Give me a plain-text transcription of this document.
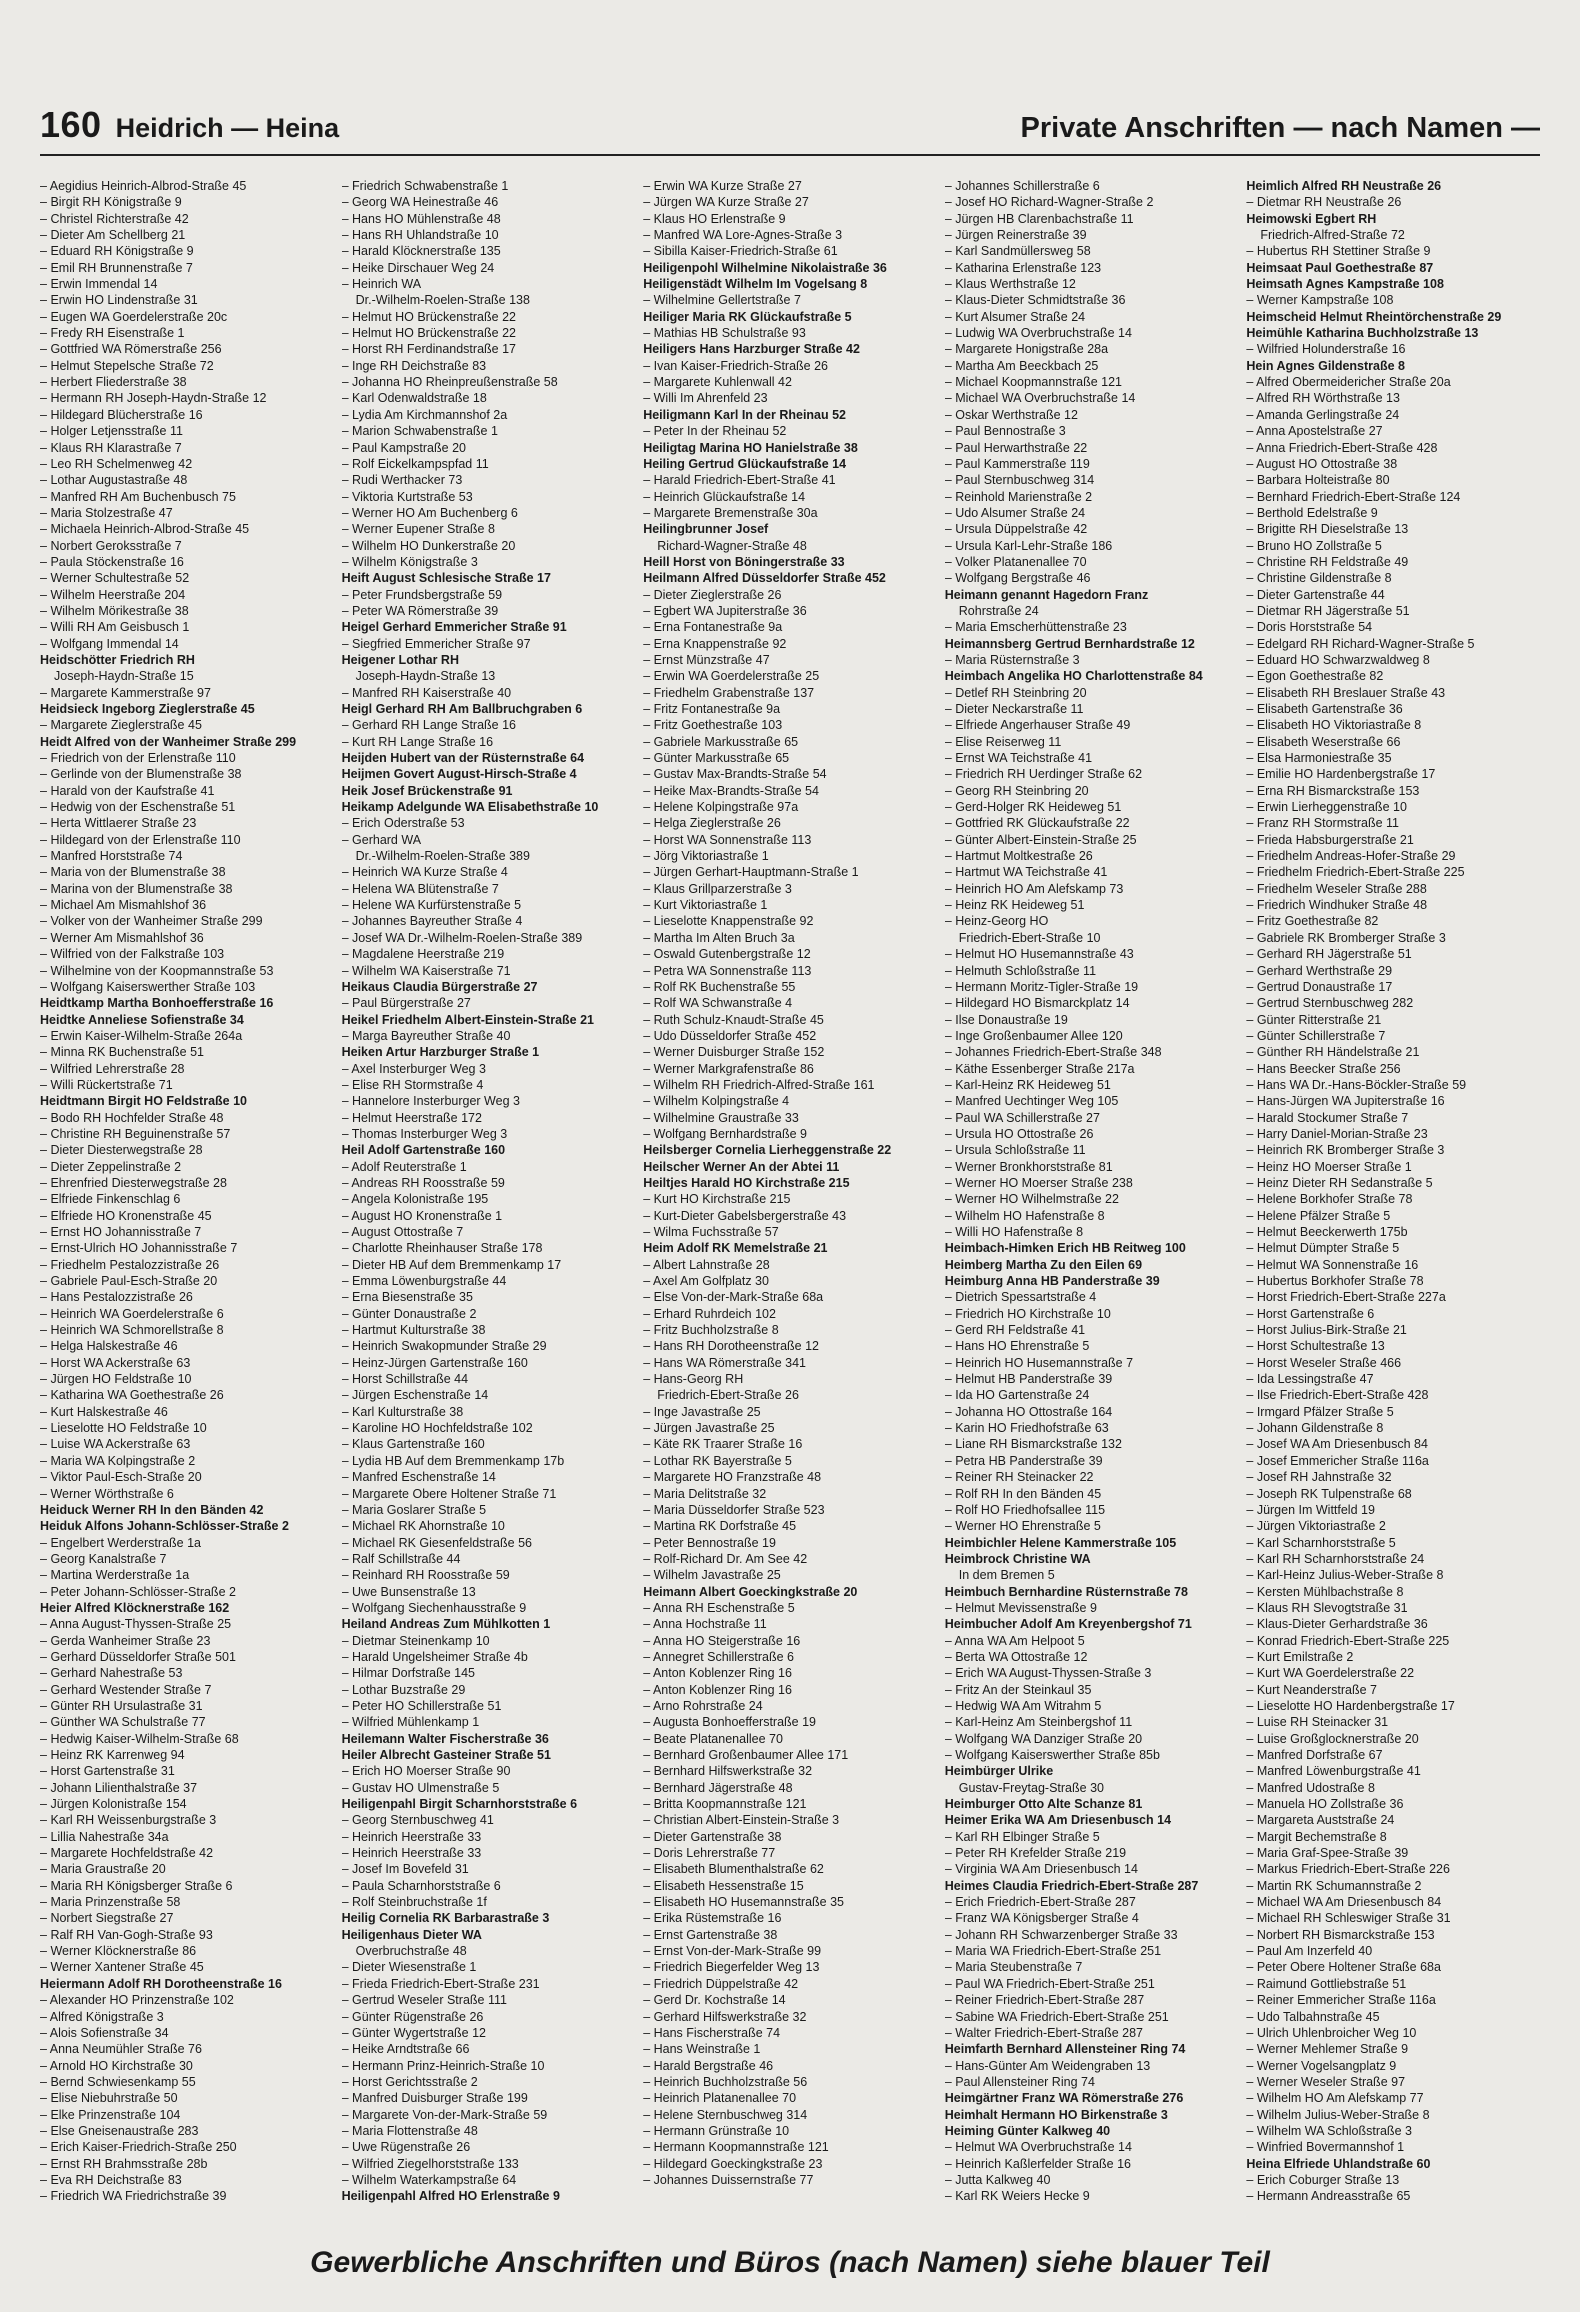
160 Heidrich — Heina	Private Anschriften — nach Namen —
– Aegidius Heinrich-Albrod-Straße 45
– Birgit RH Königstraße 9
– Christel Richterstraße 42
– Dieter Am Schellberg 21
– Eduard RH Königstraße 9
– Emil RH Brunnenstraße 7
– Erwin Immendal 14
– Erwin HO Lindenstraße 31
– Eugen WA Goerdelerstraße 20c
– Fredy RH Eisenstraße 1
– Gottfried WA Römerstraße 256
– Helmut Stepelsche Straße 72
– Herbert Fliederstraße 38
– Hermann RH Joseph-Haydn-Straße 12
– Hildegard Blücherstraße 16
– Holger Letjensstraße 11
– Klaus RH Klarastraße 7
– Leo RH Schelmenweg 42
– Lothar Augustastraße 48
– Manfred RH Am Buchenbusch 75
– Maria Stolzestraße 47
– Michaela Heinrich-Albrod-Straße 45
– Norbert Geroksstraße 7
– Paula Stöckenstraße 16
– Werner Schultestraße 52
– Wilhelm Heerstraße 204
– Wilhelm Mörikestraße 38
– Willi RH Am Geisbusch 1
– Wolfgang Immendal 14
Heidschötter Friedrich RH
Joseph-Haydn-Straße 15
– Margarete Kammerstraße 97
Heidsieck Ingeborg Zieglerstraße 45
– Margarete Zieglerstraße 45
Heidt Alfred von der Wanheimer Straße 299
– Friedrich von der Erlenstraße 110
– Gerlinde von der Blumenstraße 38
– Harald von der Kaufstraße 41
– Hedwig von der Eschenstraße 51
– Herta Wittlaerer Straße 23
– Hildegard von der Erlenstraße 110
– Manfred Horststraße 74
– Maria von der Blumenstraße 38
– Marina von der Blumenstraße 38
– Michael Am Mismahlshof 36
– Volker von der Wanheimer Straße 299
– Werner Am Mismahlshof 36
– Wilfried von der Falkstraße 103
– Wilhelmine von der Koopmannstraße 53
– Wolfgang Kaiserswerther Straße 103
Heidtkamp Martha Bonhoefferstraße 16
Heidtke Anneliese Sofienstraße 34
– Erwin Kaiser-Wilhelm-Straße 264a
– Minna RK Buchenstraße 51
– Wilfried Lehrerstraße 28
– Willi Rückertstraße 71
Heidtmann Birgit HO Feldstraße 10
– Bodo RH Hochfelder Straße 48
– Christine RH Beguinenstraße 57
– Dieter Diesterwegstraße 28
– Dieter Zeppelinstraße 2
– Ehrenfried Diesterwegstraße 28
– Elfriede Finkenschlag 6
– Elfriede HO Kronenstraße 45
– Ernst HO Johannisstraße 7
– Ernst-Ulrich HO Johannisstraße 7
– Friedhelm Pestalozzistraße 26
– Gabriele Paul-Esch-Straße 20
– Hans Pestalozzistraße 26
– Heinrich WA Goerdelerstraße 6
– Heinrich WA Schmorellstraße 8
– Helga Halskestraße 46
– Horst WA Ackerstraße 63
– Jürgen HO Feldstraße 10
– Katharina WA Goethestraße 26
– Kurt Halskestraße 46
– Lieselotte HO Feldstraße 10
– Luise WA Ackerstraße 63
– Maria WA Kolpingstraße 2
– Viktor Paul-Esch-Straße 20
– Werner Wörthstraße 6
Heiduck Werner RH In den Bänden 42
Heiduk Alfons Johann-Schlösser-Straße 2
– Engelbert Werderstraße 1a
– Georg Kanalstraße 7
– Martina Werderstraße 1a
– Peter Johann-Schlösser-Straße 2
Heier Alfred Klöcknerstraße 162
– Anna August-Thyssen-Straße 25
– Gerda Wanheimer Straße 23
– Gerhard Düsseldorfer Straße 501
– Gerhard Nahestraße 53
– Gerhard Westender Straße 7
– Günter RH Ursulastraße 31
– Günther WA Schulstraße 77
– Hedwig Kaiser-Wilhelm-Straße 68
– Heinz RK Karrenweg 94
– Horst Gartenstraße 31
– Johann Lilienthalstraße 37
– Jürgen Kolonistraße 154
– Karl RH Weissenburgstraße 3
– Lillia Nahestraße 34a
– Margarete Hochfeldstraße 42
– Maria Graustraße 20
– Maria RH Königsberger Straße 6
– Maria Prinzenstraße 58
– Norbert Siegstraße 27
– Ralf RH Van-Gogh-Straße 93
– Werner Klöcknerstraße 86
– Werner Xantener Straße 45
Heiermann Adolf RH Dorotheenstraße 16
– Alexander HO Prinzenstraße 102
– Alfred Königstraße 3
– Alois Sofienstraße 34
– Anna Neumühler Straße 76
– Arnold HO Kirchstraße 30
– Bernd Schwiesenkamp 55
– Elise Niebuhrstraße 50
– Elke Prinzenstraße 104
– Else Gneisenaustraße 283
– Erich Kaiser-Friedrich-Straße 250
– Ernst RH Brahmsstraße 28b
– Eva RH Deichstraße 83
– Friedrich WA Friedrichstraße 39
– Friedrich Schwabenstraße 1
– Georg WA Heinestraße 46
– Hans HO Mühlenstraße 48
– Hans RH Uhlandstraße 10
– Harald Klöcknerstraße 135
– Heike Dirschauer Weg 24
– Heinrich WA
Dr.-Wilhelm-Roelen-Straße 138
– Helmut HO Brückenstraße 22
– Helmut HO Brückenstraße 22
– Horst RH Ferdinandstraße 17
– Inge RH Deichstraße 83
– Johanna HO Rheinpreußenstraße 58
– Karl Odenwaldstraße 18
– Lydia Am Kirchmannshof 2a
– Marion Schwabenstraße 1
– Paul Kampstraße 20
– Rolf Eickelkampspfad 11
– Rudi Werthacker 73
– Viktoria Kurtstraße 53
– Werner HO Am Buchenberg 6
– Werner Eupener Straße 8
– Wilhelm HO Dunkerstraße 20
– Wilhelm Königstraße 3
Heift August Schlesische Straße 17
– Peter Frundsbergstraße 59
– Peter WA Römerstraße 39
Heigel Gerhard Emmericher Straße 91
– Siegfried Emmericher Straße 97
Heigener Lothar RH
Joseph-Haydn-Straße 13
– Manfred RH Kaiserstraße 40
Heigl Gerhard RH Am Ballbruchgraben 6
– Gerhard RH Lange Straße 16
– Kurt RH Lange Straße 16
Heijden Hubert van der Rüsternstraße 64
Heijmen Govert August-Hirsch-Straße 4
Heik Josef Brückenstraße 91
Heikamp Adelgunde WA Elisabethstraße 10
– Erich Oderstraße 53
– Gerhard WA
Dr.-Wilhelm-Roelen-Straße 389
– Heinrich WA Kurze Straße 4
– Helena WA Blütenstraße 7
– Helene WA Kurfürstenstraße 5
– Johannes Bayreuther Straße 4
– Josef WA Dr.-Wilhelm-Roelen-Straße 389
– Magdalene Heerstraße 219
– Wilhelm WA Kaiserstraße 71
Heikaus Claudia Bürgerstraße 27
– Paul Bürgerstraße 27
Heikel Friedhelm Albert-Einstein-Straße 21
– Marga Bayreuther Straße 40
Heiken Artur Harzburger Straße 1
– Axel Insterburger Weg 3
– Elise RH Stormstraße 4
– Hannelore Insterburger Weg 3
– Helmut Heerstraße 172
– Thomas Insterburger Weg 3
Heil Adolf Gartenstraße 160
– Adolf Reuterstraße 1
– Andreas RH Roosstraße 59
– Angela Kolonistraße 195
– August HO Kronenstraße 1
– August Ottostraße 7
– Charlotte Rheinhauser Straße 178
– Dieter HB Auf dem Bremmenkamp 17
– Emma Löwenburgstraße 44
– Erna Biesenstraße 35
– Günter Donaustraße 2
– Hartmut Kulturstraße 38
– Heinrich Swakopmunder Straße 29
– Heinz-Jürgen Gartenstraße 160
– Horst Schillstraße 44
– Jürgen Eschenstraße 14
– Karl Kulturstraße 38
– Karoline HO Hochfeldstraße 102
– Klaus Gartenstraße 160
– Lydia HB Auf dem Bremmenkamp 17b
– Manfred Eschenstraße 14
– Margarete Obere Holtener Straße 71
– Maria Goslarer Straße 5
– Michael RK Ahornstraße 10
– Michael RK Giesenfeldstraße 56
– Ralf Schillstraße 44
– Reinhard RH Roosstraße 59
– Uwe Bunsenstraße 13
– Wolfgang Siechenhausstraße 9
Heiland Andreas Zum Mühlkotten 1
– Dietmar Steinenkamp 10
– Harald Ungelsheimer Straße 4b
– Hilmar Dorfstraße 145
– Lothar Buzstraße 29
– Peter HO Schillerstraße 51
– Wilfried Mühlenkamp 1
Heilemann Walter Fischerstraße 36
Heiler Albrecht Gasteiner Straße 51
– Erich HO Moerser Straße 90
– Gustav HO Ulmenstraße 5
Heiligenpahl Birgit Scharnhorststraße 6
– Georg Sternbuschweg 41
– Heinrich Heerstraße 33
– Heinrich Heerstraße 33
– Josef Im Bovefeld 31
– Paula Scharnhorststraße 6
– Rolf Steinbruchstraße 1f
Heilig Cornelia RK Barbarastraße 3
Heiligenhaus Dieter WA
Overbruchstraße 48
– Dieter Wiesenstraße 1
– Frieda Friedrich-Ebert-Straße 231
– Gertrud Weseler Straße 111
– Günter Rügenstraße 26
– Günter Wygertstraße 12
– Heike Arndtstraße 66
– Hermann Prinz-Heinrich-Straße 10
– Horst Gerichtsstraße 2
– Manfred Duisburger Straße 199
– Margarete Von-der-Mark-Straße 59
– Maria Flottenstraße 48
– Uwe Rügenstraße 26
– Wilfried Ziegelhorststraße 133
– Wilhelm Waterkampstraße 64
Heiligenpahl Alfred HO Erlenstraße 9
– Erwin WA Kurze Straße 27
– Jürgen WA Kurze Straße 27
– Klaus HO Erlenstraße 9
– Manfred WA Lore-Agnes-Straße 3
– Sibilla Kaiser-Friedrich-Straße 61
Heiligenpohl Wilhelmine Nikolaistraße 36
Heiligenstädt Wilhelm Im Vogelsang 8
– Wilhelmine Gellertstraße 7
Heiliger Maria RK Glückaufstraße 5
– Mathias HB Schulstraße 93
Heiligers Hans Harzburger Straße 42
– Ivan Kaiser-Friedrich-Straße 26
– Margarete Kuhlenwall 42
– Willi Im Ahrenfeld 23
Heiligmann Karl In der Rheinau 52
– Peter In der Rheinau 52
Heiligtag Marina HO Hanielstraße 38
Heiling Gertrud Glückaufstraße 14
– Harald Friedrich-Ebert-Straße 41
– Heinrich Glückaufstraße 14
– Margarete Bremenstraße 30a
Heilingbrunner Josef
Richard-Wagner-Straße 48
Heill Horst von Böningerstraße 33
Heilmann Alfred Düsseldorfer Straße 452
– Dieter Zieglerstraße 26
– Egbert WA Jupiterstraße 36
– Erna Fontanestraße 9a
– Erna Knappenstraße 92
– Ernst Münzstraße 47
– Erwin WA Goerdelerstraße 25
– Friedhelm Grabenstraße 137
– Fritz Fontanestraße 9a
– Fritz Goethestraße 103
– Gabriele Markusstraße 65
– Günter Markusstraße 65
– Gustav Max-Brandts-Straße 54
– Heike Max-Brandts-Straße 54
– Helene Kolpingstraße 97a
– Helga Zieglerstraße 26
– Horst WA Sonnenstraße 113
– Jörg Viktoriastraße 1
– Jürgen Gerhart-Hauptmann-Straße 1
– Klaus Grillparzerstraße 3
– Kurt Viktoriastraße 1
– Lieselotte Knappenstraße 92
– Martha Im Alten Bruch 3a
– Oswald Gutenbergstraße 12
– Petra WA Sonnenstraße 113
– Rolf RK Buchenstraße 55
– Rolf WA Schwanstraße 4
– Ruth Schulz-Knaudt-Straße 45
– Udo Düsseldorfer Straße 452
– Werner Duisburger Straße 152
– Werner Markgrafenstraße 86
– Wilhelm RH Friedrich-Alfred-Straße 161
– Wilhelm Kolpingstraße 4
– Wilhelmine Graustraße 33
– Wolfgang Bernhardstraße 9
Heilsberger Cornelia Lierheggenstraße 22
Heilscher Werner An der Abtei 11
Heiltjes Harald HO Kirchstraße 215
– Kurt HO Kirchstraße 215
– Kurt-Dieter Gabelsbergerstraße 43
– Wilma Fuchsstraße 57
Heim Adolf RK Memelstraße 21
– Albert Lahnstraße 28
– Axel Am Golfplatz 30
– Else Von-der-Mark-Straße 68a
– Erhard Ruhrdeich 102
– Fritz Buchholzstraße 8
– Hans RH Dorotheenstraße 12
– Hans WA Römerstraße 341
– Hans-Georg RH
Friedrich-Ebert-Straße 26
– Inge Javastraße 25
– Jürgen Javastraße 25
– Käte RK Traarer Straße 16
– Lothar RK Bayerstraße 5
– Margarete HO Franzstraße 48
– Maria Delitstraße 32
– Maria Düsseldorfer Straße 523
– Martina RK Dorfstraße 45
– Peter Bennostraße 19
– Rolf-Richard Dr. Am See 42
– Wilhelm Javastraße 25
Heimann Albert Goeckingkstraße 20
– Anna RH Eschenstraße 5
– Anna Hochstraße 11
– Anna HO Steigerstraße 16
– Annegret Schillerstraße 6
– Anton Koblenzer Ring 16
– Anton Koblenzer Ring 16
– Arno Rohrstraße 24
– Augusta Bonhoefferstraße 19
– Beate Platanenallee 70
– Bernhard Großenbaumer Allee 171
– Bernhard Hilfswerkstraße 32
– Bernhard Jägerstraße 48
– Britta Koopmannstraße 121
– Christian Albert-Einstein-Straße 3
– Dieter Gartenstraße 38
– Doris Lehrerstraße 77
– Elisabeth Blumenthalstraße 62
– Elisabeth Hessenstraße 15
– Elisabeth HO Husemannstraße 35
– Erika Rüstemstraße 16
– Ernst Gartenstraße 38
– Ernst Von-der-Mark-Straße 99
– Friedrich Biegerfelder Weg 13
– Friedrich Düppelstraße 42
– Gerd Dr. Kochstraße 14
– Gerhard Hilfswerkstraße 32
– Hans Fischerstraße 74
– Hans Weinstraße 1
– Harald Bergstraße 46
– Heinrich Buchholzstraße 56
– Heinrich Platanenallee 70
– Helene Sternbuschweg 314
– Hermann Grünstraße 10
– Hermann Koopmannstraße 121
– Hildegard Goeckingkstraße 23
– Johannes Duissernstraße 77
– Johannes Schillerstraße 6
– Josef HO Richard-Wagner-Straße 2
– Jürgen HB Clarenbachstraße 11
– Jürgen Reinerstraße 39
– Karl Sandmüllersweg 58
– Katharina Erlenstraße 123
– Klaus Werthstraße 12
– Klaus-Dieter Schmidtstraße 36
– Kurt Alsumer Straße 24
– Ludwig WA Overbruchstraße 14
– Margarete Honigstraße 28a
– Martha Am Beeckbach 25
– Michael Koopmannstraße 121
– Michael WA Overbruchstraße 14
– Oskar Werthstraße 12
– Paul Bennostraße 3
– Paul Herwarthstraße 22
– Paul Kammerstraße 119
– Paul Sternbuschweg 314
– Reinhold Marienstraße 2
– Udo Alsumer Straße 24
– Ursula Düppelstraße 42
– Ursula Karl-Lehr-Straße 186
– Volker Platanenallee 70
– Wolfgang Bergstraße 46
Heimann genannt Hagedorn Franz
Rohrstraße 24
– Maria Emscherhüttenstraße 23
Heimannsberg Gertrud Bernhardstraße 12
– Maria Rüsternstraße 3
Heimbach Angelika HO Charlottenstraße 84
– Detlef RH Steinbring 20
– Dieter Neckarstraße 11
– Elfriede Angerhauser Straße 49
– Elise Reiserweg 11
– Ernst WA Teichstraße 41
– Friedrich RH Uerdinger Straße 62
– Georg RH Steinbring 20
– Gerd-Holger RK Heideweg 51
– Gottfried RK Glückaufstraße 22
– Günter Albert-Einstein-Straße 25
– Hartmut Moltkestraße 26
– Hartmut WA Teichstraße 41
– Heinrich HO Am Alefskamp 73
– Heinz RK Heideweg 51
– Heinz-Georg HO
Friedrich-Ebert-Straße 10
– Helmut HO Husemannstraße 43
– Helmuth Schloßstraße 11
– Hermann Moritz-Tigler-Straße 19
– Hildegard HO Bismarckplatz 14
– Ilse Donaustraße 19
– Inge Großenbaumer Allee 120
– Johannes Friedrich-Ebert-Straße 348
– Käthe Essenberger Straße 217a
– Karl-Heinz RK Heideweg 51
– Manfred Uechtinger Weg 105
– Paul WA Schillerstraße 27
– Ursula HO Ottostraße 26
– Ursula Schloßstraße 11
– Werner Bronkhorststraße 81
– Werner HO Moerser Straße 238
– Werner HO Wilhelmstraße 22
– Wilhelm HO Hafenstraße 8
– Willi HO Hafenstraße 8
Heimbach-Himken Erich HB Reitweg 100
Heimberg Martha Zu den Eilen 69
Heimburg Anna HB Panderstraße 39
– Dietrich Spessartstraße 4
– Friedrich HO Kirchstraße 10
– Gerd RH Feldstraße 41
– Hans HO Ehrenstraße 5
– Heinrich HO Husemannstraße 7
– Helmut HB Panderstraße 39
– Ida HO Gartenstraße 24
– Johanna HO Ottostraße 164
– Karin HO Friedhofstraße 63
– Liane RH Bismarckstraße 132
– Petra HB Panderstraße 39
– Reiner RH Steinacker 22
– Rolf RH In den Bänden 45
– Rolf HO Friedhofsallee 115
– Werner HO Ehrenstraße 5
Heimbichler Helene Kammerstraße 105
Heimbrock Christine WA
In dem Bremen 5
Heimbuch Bernhardine Rüsternstraße 78
– Helmut Mevissenstraße 9
Heimbucher Adolf Am Kreyenbergshof 71
– Anna WA Am Helpoot 5
– Berta WA Ottostraße 12
– Erich WA August-Thyssen-Straße 3
– Fritz An der Steinkaul 35
– Hedwig WA Am Witrahm 5
– Karl-Heinz Am Steinbergshof 11
– Wolfgang WA Danziger Straße 20
– Wolfgang Kaiserswerther Straße 85b
Heimbürger Ulrike
Gustav-Freytag-Straße 30
Heimburger Otto Alte Schanze 81
Heimer Erika WA Am Driesenbusch 14
– Karl RH Elbinger Straße 5
– Peter RH Krefelder Straße 219
– Virginia WA Am Driesenbusch 14
Heimes Claudia Friedrich-Ebert-Straße 287
– Erich Friedrich-Ebert-Straße 287
– Franz WA Königsberger Straße 4
– Johann RH Schwarzenberger Straße 33
– Maria WA Friedrich-Ebert-Straße 251
– Maria Steubenstraße 7
– Paul WA Friedrich-Ebert-Straße 251
– Reiner Friedrich-Ebert-Straße 287
– Sabine WA Friedrich-Ebert-Straße 251
– Walter Friedrich-Ebert-Straße 287
Heimfarth Bernhard Allensteiner Ring 74
– Hans-Günter Am Weidengraben 13
– Paul Allensteiner Ring 74
Heimgärtner Franz WA Römerstraße 276
Heimhalt Hermann HO Birkenstraße 3
Heiming Günter Kalkweg 40
– Helmut WA Overbruchstraße 14
– Heinrich Kaßlerfelder Straße 16
– Jutta Kalkweg 40
– Karl RK Weiers Hecke 9
Heimlich Alfred RH Neustraße 26
– Dietmar RH Neustraße 26
Heimowski Egbert RH
Friedrich-Alfred-Straße 72
– Hubertus RH Stettiner Straße 9
Heimsaat Paul Goethestraße 87
Heimsath Agnes Kampstraße 108
– Werner Kampstraße 108
Heimscheid Helmut Rheintörchenstraße 29
Heimühle Katharina Buchholzstraße 13
– Wilfried Holunderstraße 16
Hein Agnes Gildenstraße 8
– Alfred Obermeidericher Straße 20a
– Alfred RH Wörthstraße 13
– Amanda Gerlingstraße 24
– Anna Apostelstraße 27
– Anna Friedrich-Ebert-Straße 428
– August HO Ottostraße 38
– Barbara Holteistraße 80
– Bernhard Friedrich-Ebert-Straße 124
– Berthold Edelstraße 9
– Brigitte RH Dieselstraße 13
– Bruno HO Zollstraße 5
– Christine RH Feldstraße 49
– Christine Gildenstraße 8
– Dieter Gartenstraße 44
– Dietmar RH Jägerstraße 51
– Doris Horststraße 54
– Edelgard RH Richard-Wagner-Straße 5
– Eduard HO Schwarzwaldweg 8
– Egon Goethestraße 82
– Elisabeth RH Breslauer Straße 43
– Elisabeth Gartenstraße 36
– Elisabeth HO Viktoriastraße 8
– Elisabeth Weserstraße 66
– Elsa Harmoniestraße 35
– Emilie HO Hardenbergstraße 17
– Erna RH Bismarckstraße 153
– Erwin Lierheggenstraße 10
– Franz RH Stormstraße 11
– Frieda Habsburgerstraße 21
– Friedhelm Andreas-Hofer-Straße 29
– Friedhelm Friedrich-Ebert-Straße 225
– Friedhelm Weseler Straße 288
– Friedrich Windhuker Straße 48
– Fritz Goethestraße 82
– Gabriele RK Bromberger Straße 3
– Gerhard RH Jägerstraße 51
– Gerhard Werthstraße 29
– Gertrud Donaustraße 17
– Gertrud Sternbuschweg 282
– Günter Ritterstraße 21
– Günter Schillerstraße 7
– Günther RH Händelstraße 21
– Hans Beecker Straße 256
– Hans WA Dr.-Hans-Böckler-Straße 59
– Hans-Jürgen WA Jupiterstraße 16
– Harald Stockumer Straße 7
– Harry Daniel-Morian-Straße 23
– Heinrich RK Bromberger Straße 3
– Heinz HO Moerser Straße 1
– Heinz Dieter RH Sedanstraße 5
– Helene Borkhofer Straße 78
– Helene Pfälzer Straße 5
– Helmut Beeckerwerth 175b
– Helmut Dümpter Straße 5
– Helmut WA Sonnenstraße 16
– Hubertus Borkhofer Straße 78
– Horst Friedrich-Ebert-Straße 227a
– Horst Gartenstraße 6
– Horst Julius-Birk-Straße 21
– Horst Schultestraße 13
– Horst Weseler Straße 466
– Ida Lessingstraße 47
– Ilse Friedrich-Ebert-Straße 428
– Irmgard Pfälzer Straße 5
– Johann Gildenstraße 8
– Josef WA Am Driesenbusch 84
– Josef Emmericher Straße 116a
– Josef RH Jahnstraße 32
– Joseph RK Tulpenstraße 68
– Jürgen Im Wittfeld 19
– Jürgen Viktoriastraße 2
– Karl Scharnhorststraße 5
– Karl RH Scharnhorststraße 24
– Karl-Heinz Julius-Weber-Straße 8
– Kersten Mühlbachstraße 8
– Klaus RH Slevogtstraße 31
– Klaus-Dieter Gerhardstraße 36
– Konrad Friedrich-Ebert-Straße 225
– Kurt Emilstraße 2
– Kurt WA Goerdelerstraße 22
– Kurt Neanderstraße 7
– Lieselotte HO Hardenbergstraße 17
– Luise RH Steinacker 31
– Luise Großglocknerstraße 20
– Manfred Dorfstraße 67
– Manfred Löwenburgstraße 41
– Manfred Udostraße 8
– Manuela HO Zollstraße 36
– Margareta Auststraße 24
– Margit Bechemstraße 8
– Maria Graf-Spee-Straße 39
– Markus Friedrich-Ebert-Straße 226
– Martin RK Schumannstraße 2
– Michael WA Am Driesenbusch 84
– Michael RH Schleswiger Straße 31
– Norbert RH Bismarckstraße 153
– Paul Am Inzerfeld 40
– Peter Obere Holtener Straße 68a
– Raimund Gottliebstraße 51
– Reiner Emmericher Straße 116a
– Udo Talbahnstraße 45
– Ulrich Uhlenbroicher Weg 10
– Werner Mehlemer Straße 9
– Werner Vogelsangplatz 9
– Werner Weseler Straße 97
– Wilhelm HO Am Alefskamp 77
– Wilhelm Julius-Weber-Straße 8
– Wilhelm WA Schloßstraße 3
– Winfried Bovermannshof 1
Heina Elfriede Uhlandstraße 60
– Erich Coburger Straße 13
– Hermann Andreasstraße 65
Gewerbliche Anschriften und Büros (nach Namen) siehe blauer Teil
